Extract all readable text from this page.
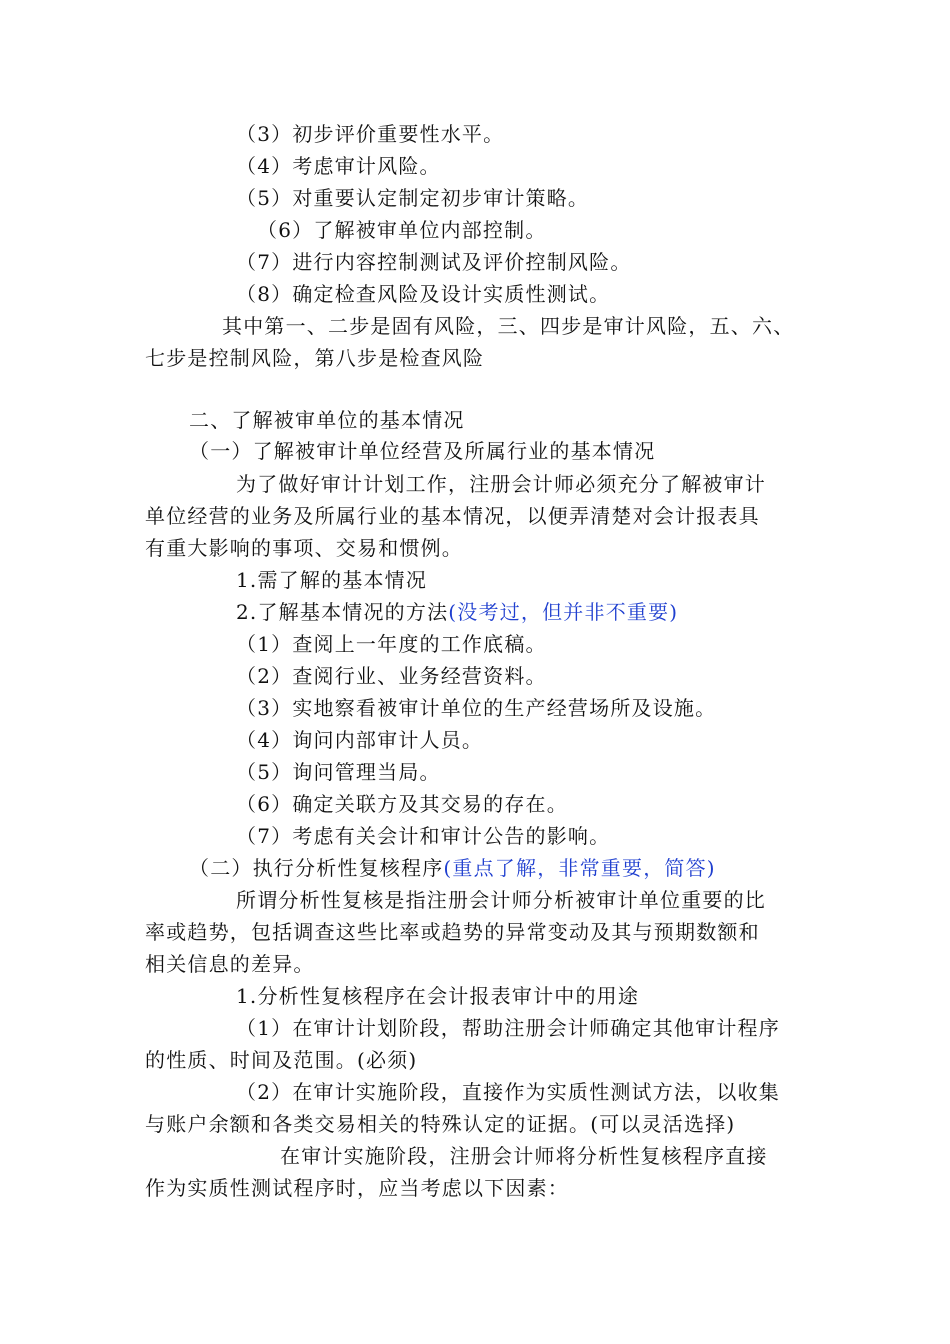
（3）初步评价重要性水平。
（4）考虑审计风险。
（5）对重要认定制定初步审计策略。
（6）了解被审单位内部控制。
（7）进行内容控制测试及评价控制风险。
（8）确定检查风险及设计实质性测试。
其中第一、二步是固有风险，三、四步是审计风险，五、六、
七步是控制风险，第八步是检查风险
二、了解被审单位的基本情况
（一）了解被审计单位经营及所属行业的基本情况
为了做好审计计划工作，注册会计师必须充分了解被审计
单位经营的业务及所属行业的基本情况，以便弄清楚对会计报表具
有重大影响的事项、交易和惯例。
1.需了解的基本情况
2.了解基本情况的方法(没考过，但并非不重要)
（1）查阅上一年度的工作底稿。
（2）查阅行业、业务经营资料。
（3）实地察看被审计单位的生产经营场所及设施。
（4）询问内部审计人员。
（5）询问管理当局。
（6）确定关联方及其交易的存在。
（7）考虑有关会计和审计公告的影响。
（二）执行分析性复核程序(重点了解，非常重要，简答)
所谓分析性复核是指注册会计师分析被审计单位重要的比
率或趋势，包括调查这些比率或趋势的异常变动及其与预期数额和
相关信息的差异。
1.分析性复核程序在会计报表审计中的用途
（1）在审计计划阶段，帮助注册会计师确定其他审计程序
的性质、时间及范围。(必须)
（2）在审计实施阶段，直接作为实质性测试方法，以收集
与账户余额和各类交易相关的特殊认定的证据。(可以灵活选择)
在审计实施阶段，注册会计师将分析性复核程序直接
作为实质性测试程序时，应当考虑以下因素：
